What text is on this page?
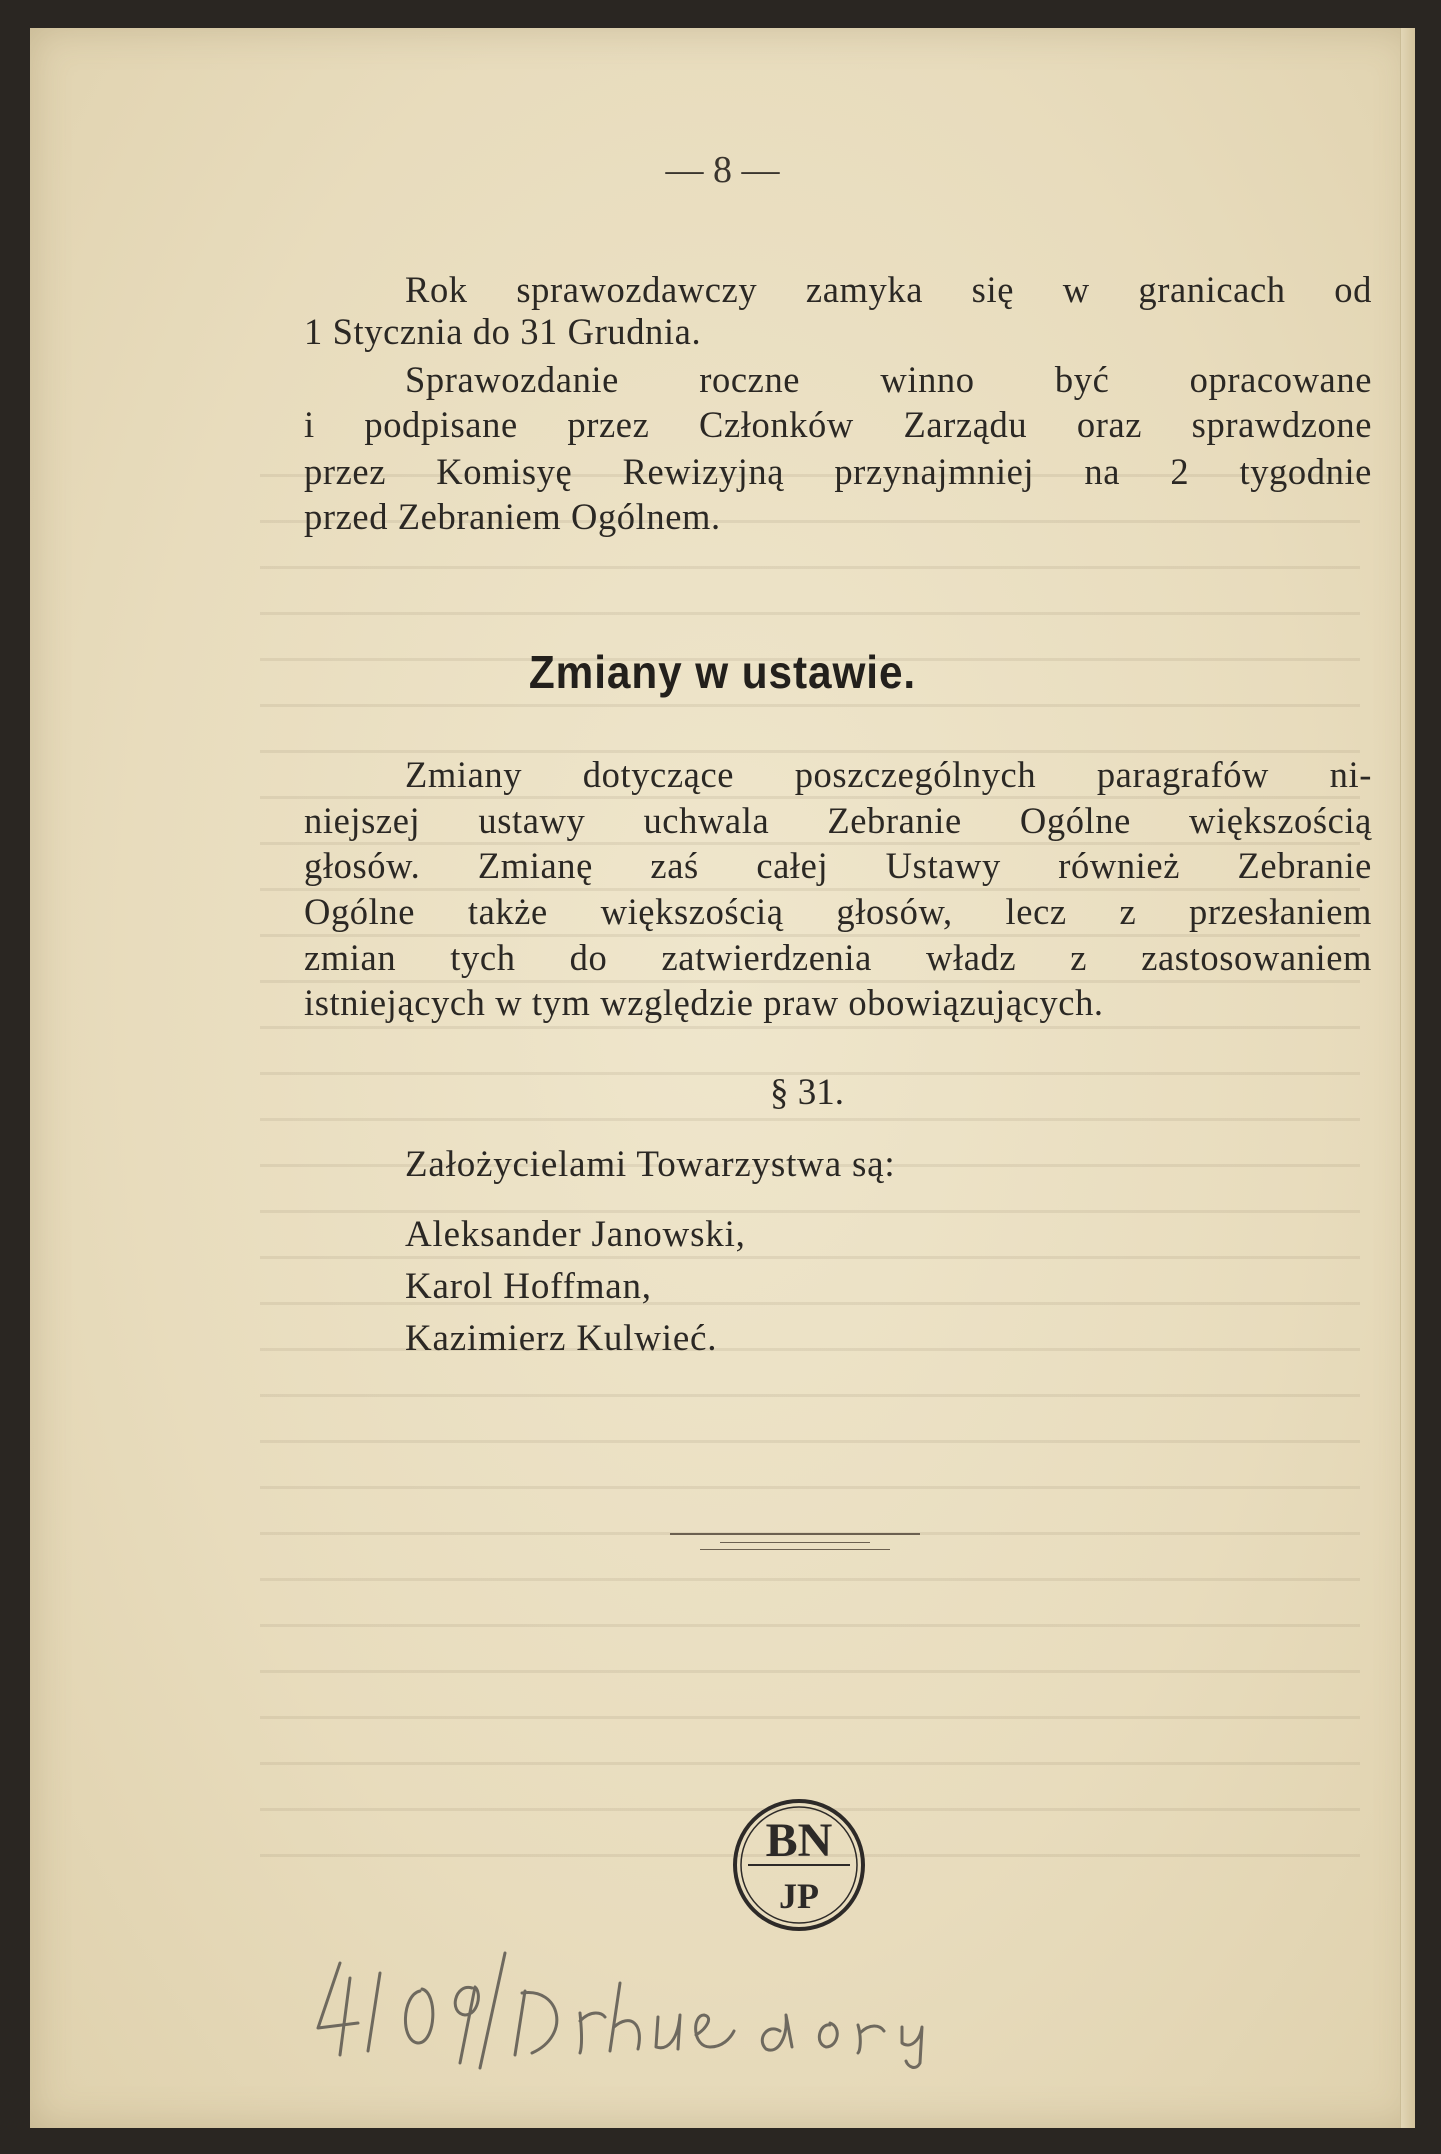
— 8 —
Rok sprawozdawczy zamyka się w granicach od
1 Stycznia do 31 Grudnia.
Sprawozdanie roczne winno być opracowane
i podpisane przez Członków Zarządu oraz sprawdzone
przez Komisyę Rewizyjną przynajmniej na 2 tygodnie
przed Zebraniem Ogólnem.
Zmiany w ustawie.
Zmiany dotyczące poszczególnych paragrafów ni-
niejszej ustawy uchwala Zebranie Ogólne większością
głosów. Zmianę zaś całej Ustawy również Zebranie
Ogólne także większością głosów, lecz z przesłaniem
zmian tych do zatwierdzenia władz z zastosowaniem
istniejących w tym względzie praw obowiązujących.
§ 31.
Założycielami Towarzystwa są:
Aleksander Janowski,
Karol Hoffman,
Kazimierz Kulwieć.
BN
JP
